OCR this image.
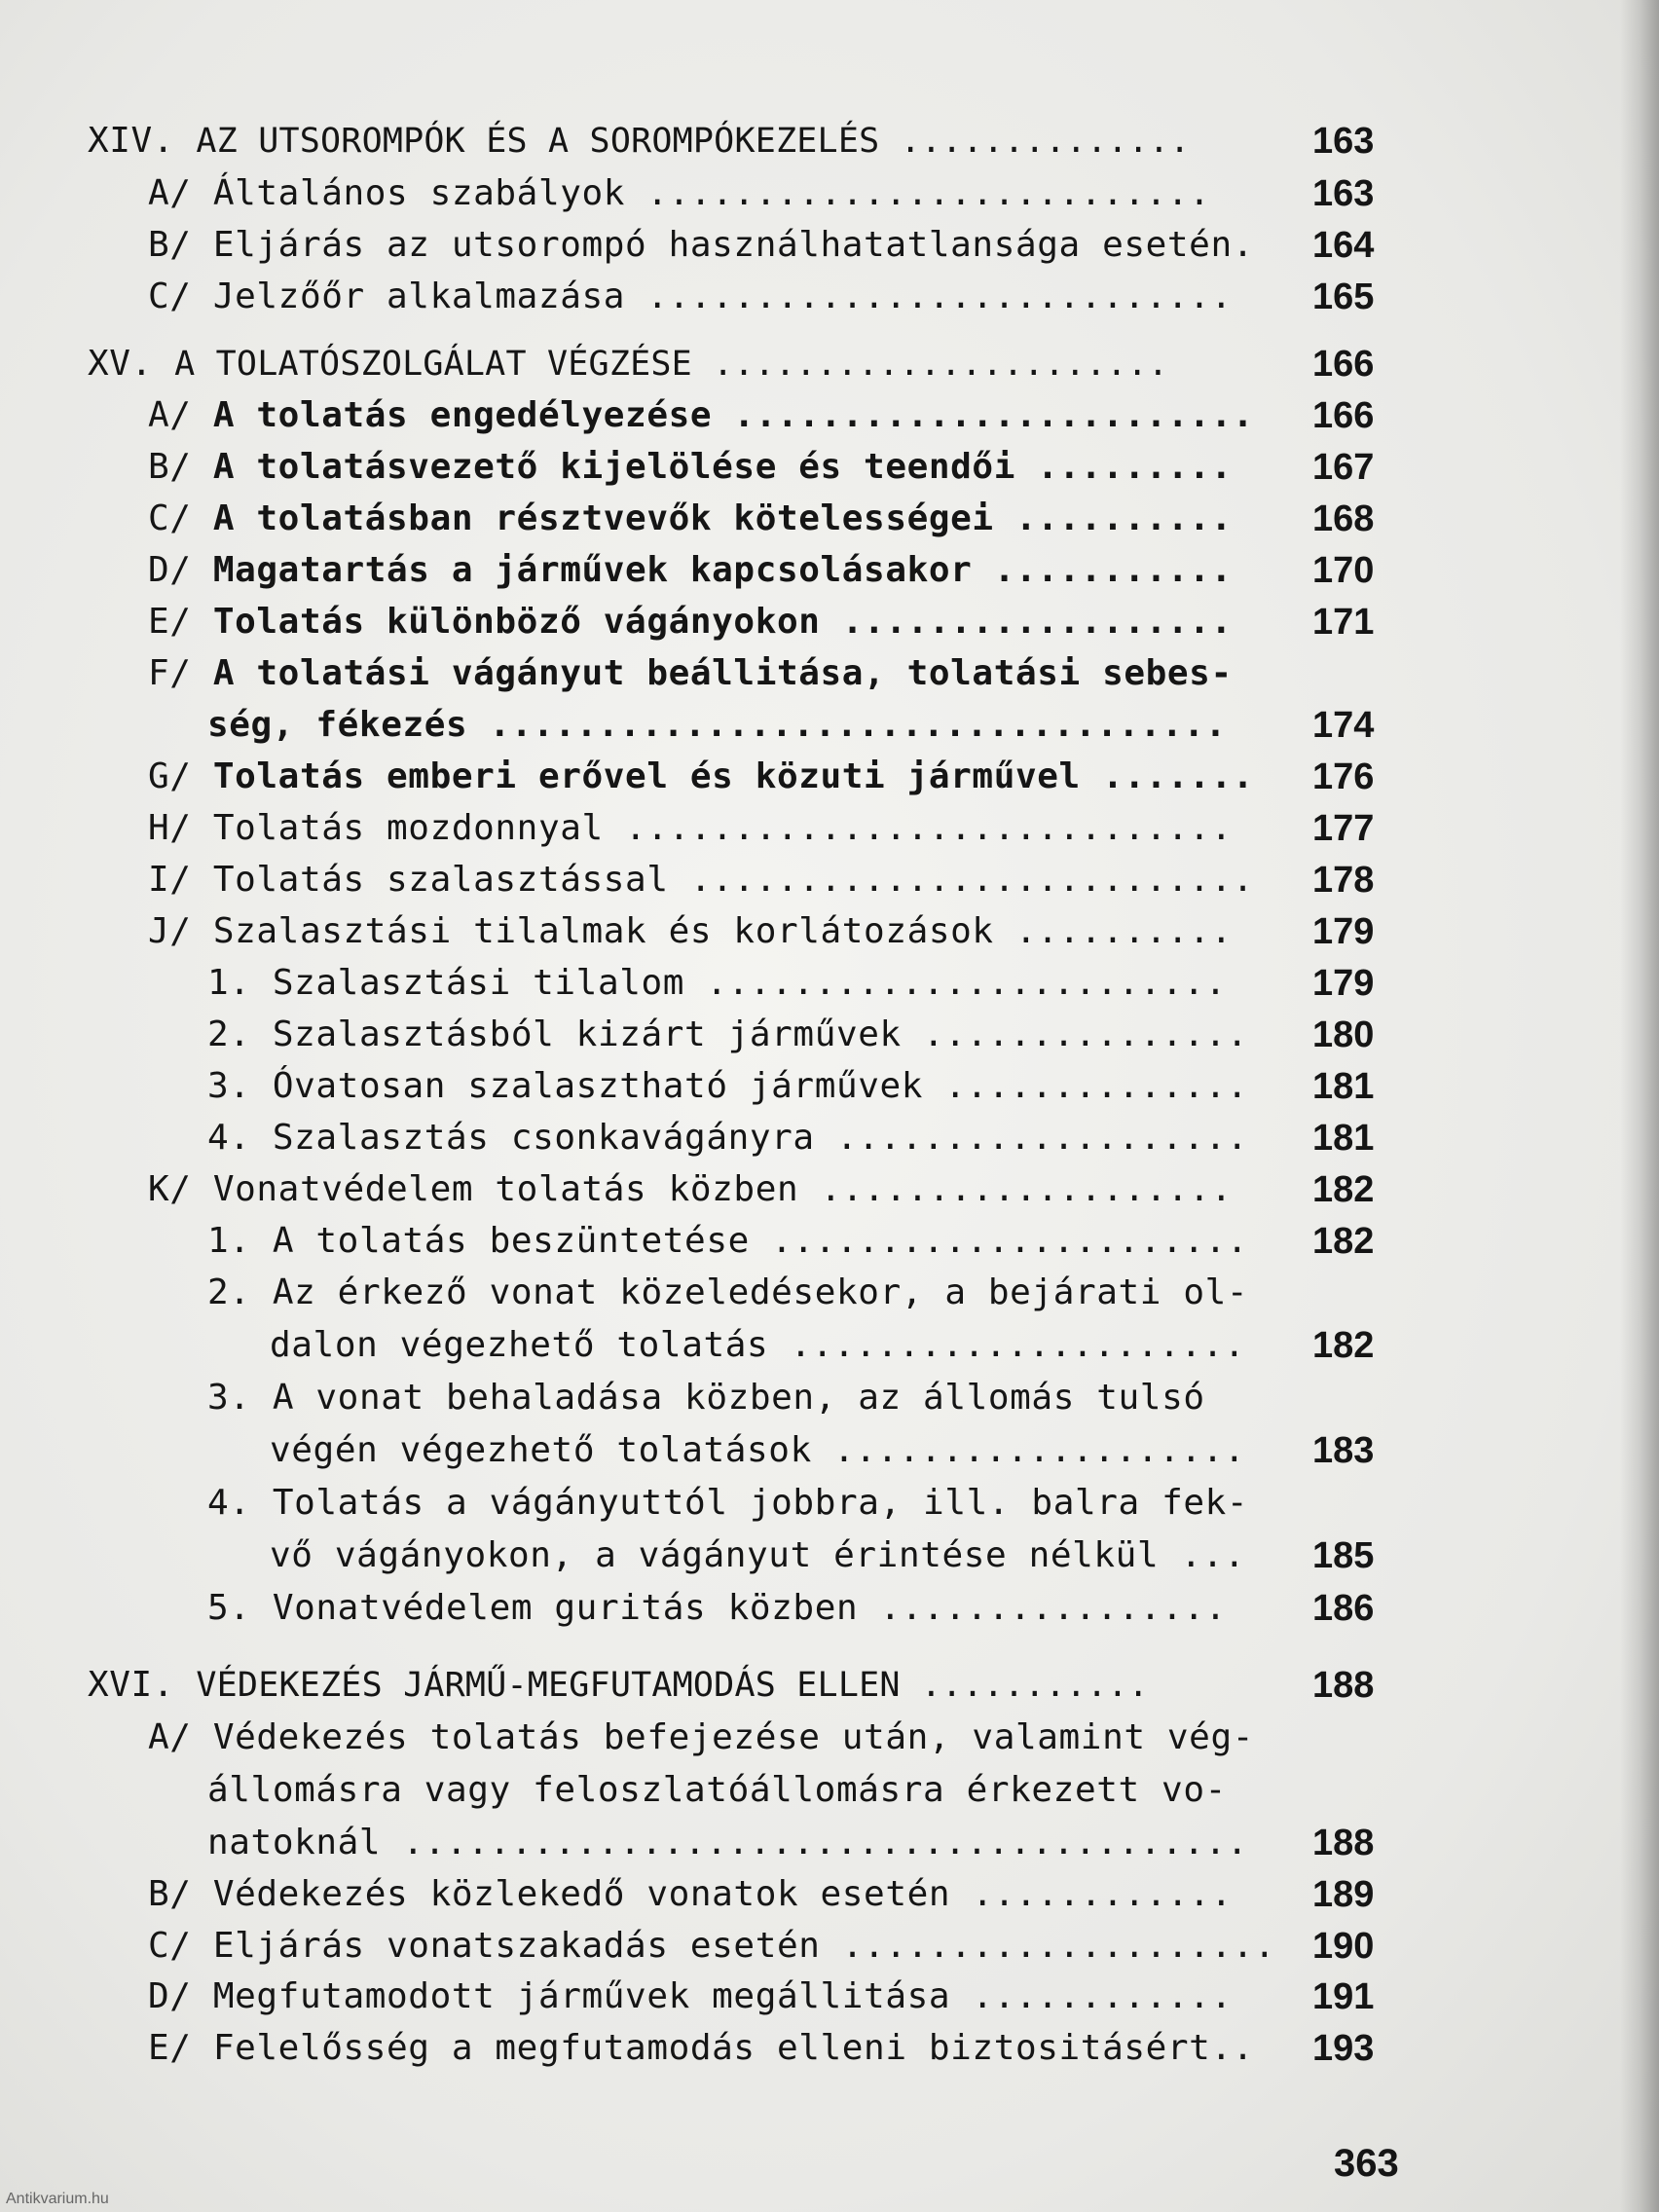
XIV. AZ UTSOROMPÓK ÉS A SOROMPÓKEZELÉS ..............	163
A/ Általános szabályok ..........................	163
B/ Eljárás az utsorompó használhatatlansága esetén. 164
C/ Jelzőőr alkalmazása ........................... 165
XV. A TOLATÓSZOLGÁLAT VÉGZÉSE ......................	166
A/ A tolatás engedélyezése ........................ 166
B/ A tolatásvezető kijelölése és teendői ......... 167
C/ A tolatásban résztvevők kötelességei .......... 168
D/ Magatartás a járművek kapcsolásakor ........... 170
E/ Tolatás különböző vágányokon .................. 171
F/ A tolatási vágányut beállitása, tolatási sebes-
ség, fékezés .................................. 174
G/ Tolatás emberi erővel és közuti járművel ....... 176
H/ Tolatás mozdonnyal ............................ 177
I/ Tolatás szalasztással .......................... 178
J/ Szalasztási tilalmak és korlátozások .......... 179
1. Szalasztási tilalom ........................ 179
2. Szalasztásból kizárt járművek ............... 180
3. Óvatosan szalasztható járművek .............. 181
4. Szalasztás csonkavágányra ................... 181
K/ Vonatvédelem tolatás közben ................... 182
1. A tolatás beszüntetése ...................... 182
2. Az érkező vonat közeledésekor, a bejárati ol-
dalon végezhető tolatás ..................... 182
3. A vonat behaladása közben, az állomás tulsó
végén végezhető tolatások ................... 183
4. Tolatás a vágányuttól jobbra, ill. balra fek-
vő vágányokon, a vágányut érintése nélkül ... 185
5. Vonatvédelem guritás közben ................ 186
XVI. VÉDEKEZÉS JÁRMŰ-MEGFUTAMODÁS ELLEN ...........	188
A/ Védekezés tolatás befejezése után, valamint vég-
állomásra vagy feloszlatóállomásra érkezett vo-
natoknál ....................................... 188
B/ Védekezés közlekedő vonatok esetén ............ 189
C/ Eljárás vonatszakadás esetén .................... 190
D/ Megfutamodott járművek megállitása ............ 191
E/ Felelősség a megfutamodás elleni biztositásért.. 193
363
Antikvarium.hu
